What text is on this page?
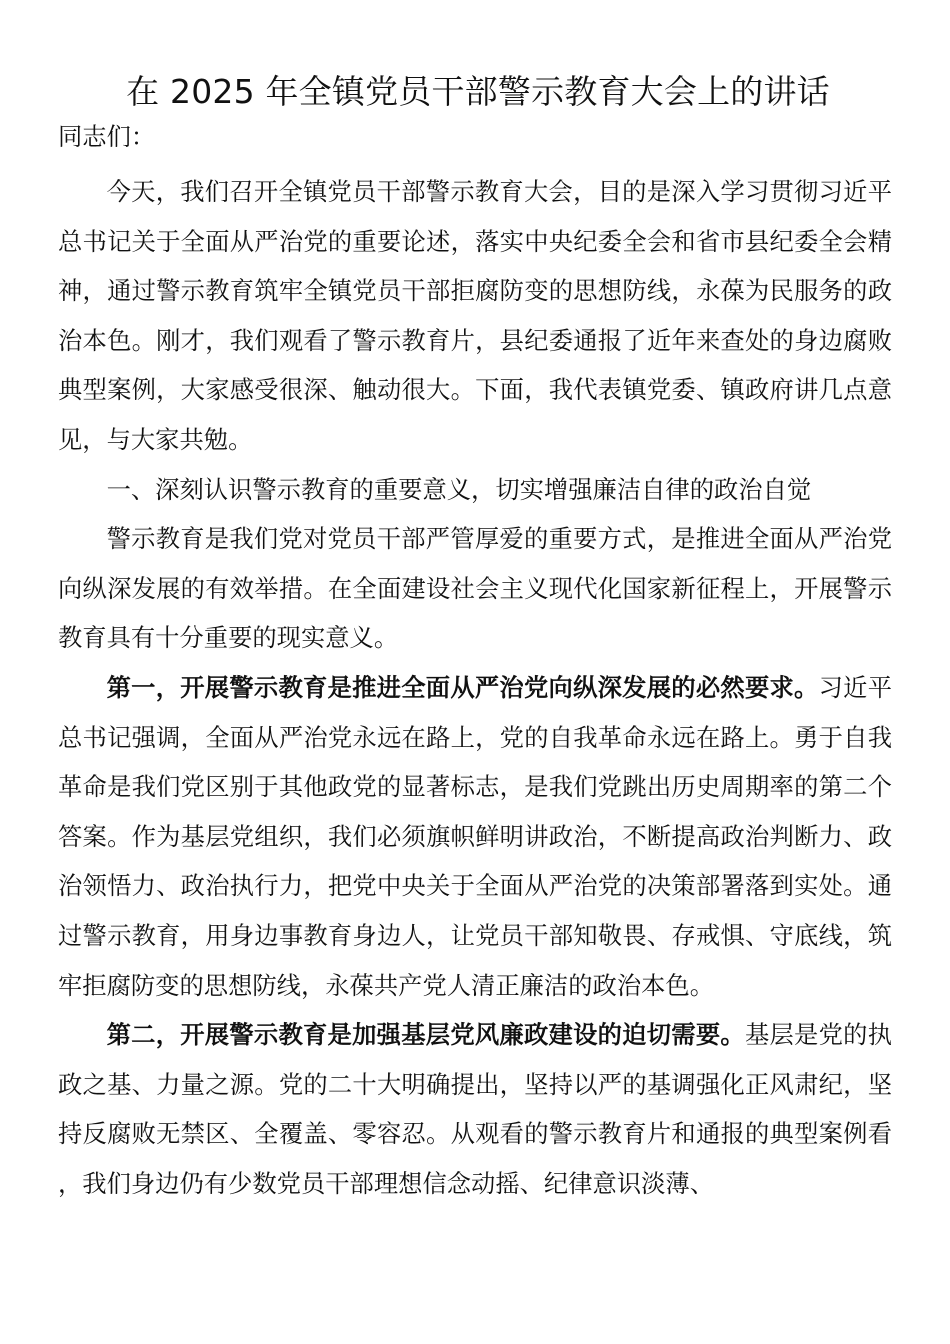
在 2025 年全镇党员干部警示教育大会上的讲话

同志们：

今天，我们召开全镇党员干部警示教育大会，目的是深入学习贯彻习近平总书记关于全面从严治党的重要论述，落实中央纪委全会和省市县纪委全会精神，通过警示教育筑牢全镇党员干部拒腐防变的思想防线，永葆为民服务的政治本色。刚才，我们观看了警示教育片，县纪委通报了近年来查处的身边腐败典型案例，大家感受很深、触动很大。下面，我代表镇党委、镇政府讲几点意见，与大家共勉。

一、深刻认识警示教育的重要意义，切实增强廉洁自律的政治自觉

警示教育是我们党对党员干部严管厚爱的重要方式，是推进全面从严治党向纵深发展的有效举措。在全面建设社会主义现代化国家新征程上，开展警示教育具有十分重要的现实意义。

第一，开展警示教育是推进全面从严治党向纵深发展的必然要求。习近平总书记强调，全面从严治党永远在路上，党的自我革命永远在路上。勇于自我革命是我们党区别于其他政党的显著标志，是我们党跳出历史周期率的第二个答案。作为基层党组织，我们必须旗帜鲜明讲政治，不断提高政治判断力、政治领悟力、政治执行力，把党中央关于全面从严治党的决策部署落到实处。通过警示教育，用身边事教育身边人，让党员干部知敬畏、存戒惧、守底线，筑牢拒腐防变的思想防线，永葆共产党人清正廉洁的政治本色。

第二，开展警示教育是加强基层党风廉政建设的迫切需要。基层是党的执政之基、力量之源。党的二十大明确提出，坚持以严的基调强化正风肃纪，坚持反腐败无禁区、全覆盖、零容忍。从观看的警示教育片和通报的典型案例看，我们身边仍有少数党员干部理想信念动摇、纪律意识淡薄、
